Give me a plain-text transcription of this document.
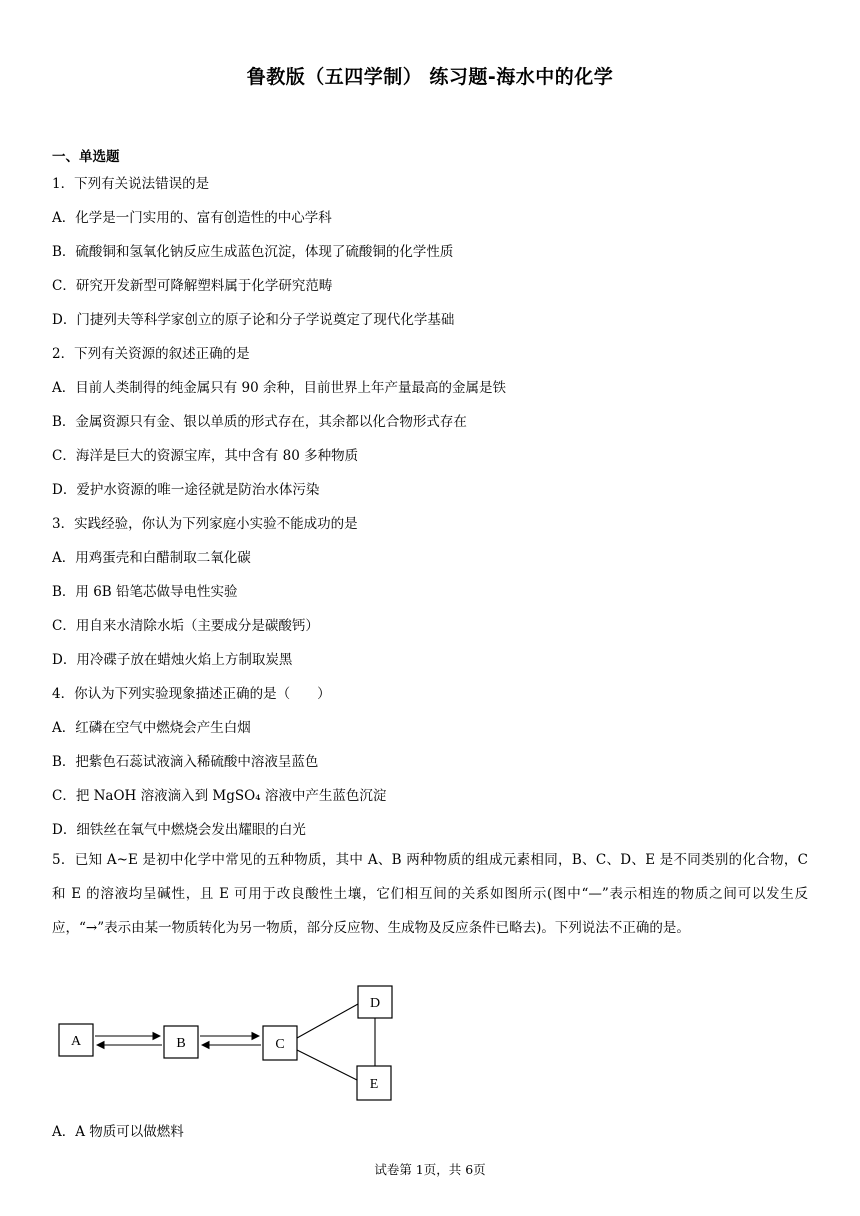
鲁教版（五四学制） 练习题-海水中的化学
一、单选题
1．下列有关说法错误的是
A．化学是一门实用的、富有创造性的中心学科
B．硫酸铜和氢氧化钠反应生成蓝色沉淀，体现了硫酸铜的化学性质
C．研究开发新型可降解塑料属于化学研究范畴
D．门捷列夫等科学家创立的原子论和分子学说奠定了现代化学基础
2．下列有关资源的叙述正确的是
A．目前人类制得的纯金属只有 90 余种，目前世界上年产量最高的金属是铁
B．金属资源只有金、银以单质的形式存在，其余都以化合物形式存在
C．海洋是巨大的资源宝库，其中含有 80 多种物质
D．爱护水资源的唯一途径就是防治水体污染
3．实践经验，你认为下列家庭小实验不能成功的是
A．用鸡蛋壳和白醋制取二氧化碳
B．用 6B 铅笔芯做导电性实验
C．用自来水清除水垢（主要成分是碳酸钙）
D．用冷碟子放在蜡烛火焰上方制取炭黑
4．你认为下列实验现象描述正确的是（　　）
A．红磷在空气中燃烧会产生白烟
B．把紫色石蕊试液滴入稀硫酸中溶液呈蓝色
C．把 NaOH 溶液滴入到 MgSO₄ 溶液中产生蓝色沉淀
D．细铁丝在氧气中燃烧会发出耀眼的白光
5．已知 A~E 是初中化学中常见的五种物质，其中 A、B 两种物质的组成元素相同，B、C、D、E 是不同类别的化合物，C 和 E 的溶液均呈碱性，且 E 可用于改良酸性土壤，它们相互间的关系如图所示(图中“—”表示相连的物质之间可以发生反应，“→”表示由某一物质转化为另一物质，部分反应物、生成物及反应条件已略去)。下列说法不正确的是。
A	B	C
D
E
A．A 物质可以做燃料
试卷第 1页，共 6页
